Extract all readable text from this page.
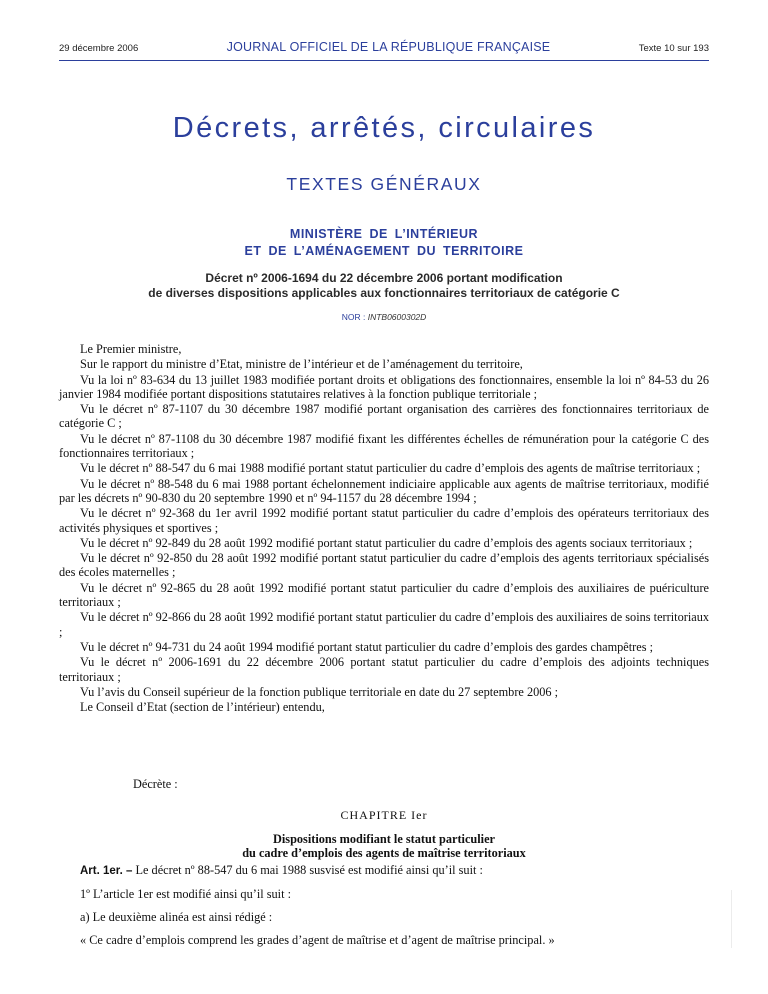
29 décembre 2006	JOURNAL OFFICIEL DE LA RÉPUBLIQUE FRANÇAISE	Texte 10 sur 193
Décrets, arrêtés, circulaires
TEXTES GÉNÉRAUX
MINISTÈRE DE L’INTÉRIEUR
ET DE L’AMÉNAGEMENT DU TERRITOIRE
Décret nº 2006-1694 du 22 décembre 2006 portant modification
de diverses dispositions applicables aux fonctionnaires territoriaux de catégorie C
NOR : INTB0600302D

Le Premier ministre,

Sur le rapport du ministre d’Etat, ministre de l’intérieur et de l’aménagement du territoire,

Vu la loi nº 83-634 du 13 juillet 1983 modifiée portant droits et obligations des fonctionnaires, ensemble la loi nº 84-53 du 26 janvier 1984 modifiée portant dispositions statutaires relatives à la fonction publique territoriale ;

Vu le décret nº 87-1107 du 30 décembre 1987 modifié portant organisation des carrières des fonctionnaires territoriaux de catégorie C ;

Vu le décret nº 87-1108 du 30 décembre 1987 modifié fixant les différentes échelles de rémunération pour la catégorie C des fonctionnaires territoriaux ;

Vu le décret nº 88-547 du 6 mai 1988 modifié portant statut particulier du cadre d’emplois des agents de maîtrise territoriaux ;

Vu le décret nº 88-548 du 6 mai 1988 portant échelonnement indiciaire applicable aux agents de maîtrise territoriaux, modifié par les décrets nº 90-830 du 20 septembre 1990 et nº 94-1157 du 28 décembre 1994 ;

Vu le décret nº 92-368 du 1er avril 1992 modifié portant statut particulier du cadre d’emplois des opérateurs territoriaux des activités physiques et sportives ;

Vu le décret nº 92-849 du 28 août 1992 modifié portant statut particulier du cadre d’emplois des agents sociaux territoriaux ;

Vu le décret nº 92-850 du 28 août 1992 modifié portant statut particulier du cadre d’emplois des agents territoriaux spécialisés des écoles maternelles ;

Vu le décret nº 92-865 du 28 août 1992 modifié portant statut particulier du cadre d’emplois des auxiliaires de puériculture territoriaux ;

Vu le décret nº 92-866 du 28 août 1992 modifié portant statut particulier du cadre d’emplois des auxiliaires de soins territoriaux ;

Vu le décret nº 94-731 du 24 août 1994 modifié portant statut particulier du cadre d’emplois des gardes champêtres ;

Vu le décret nº 2006-1691 du 22 décembre 2006 portant statut particulier du cadre d’emplois des adjoints techniques territoriaux ;

Vu l’avis du Conseil supérieur de la fonction publique territoriale en date du 27 septembre 2006 ;

Le Conseil d’Etat (section de l’intérieur) entendu,

Décrète :
CHAPITRE Ier
Dispositions modifiant le statut particulier
du cadre d’emplois des agents de maîtrise territoriaux

Art. 1er. – Le décret nº 88-547 du 6 mai 1988 susvisé est modifié ainsi qu’il suit :

1º L’article 1er est modifié ainsi qu’il suit :

a) Le deuxième alinéa est ainsi rédigé :

« Ce cadre d’emplois comprend les grades d’agent de maîtrise et d’agent de maîtrise principal. »
